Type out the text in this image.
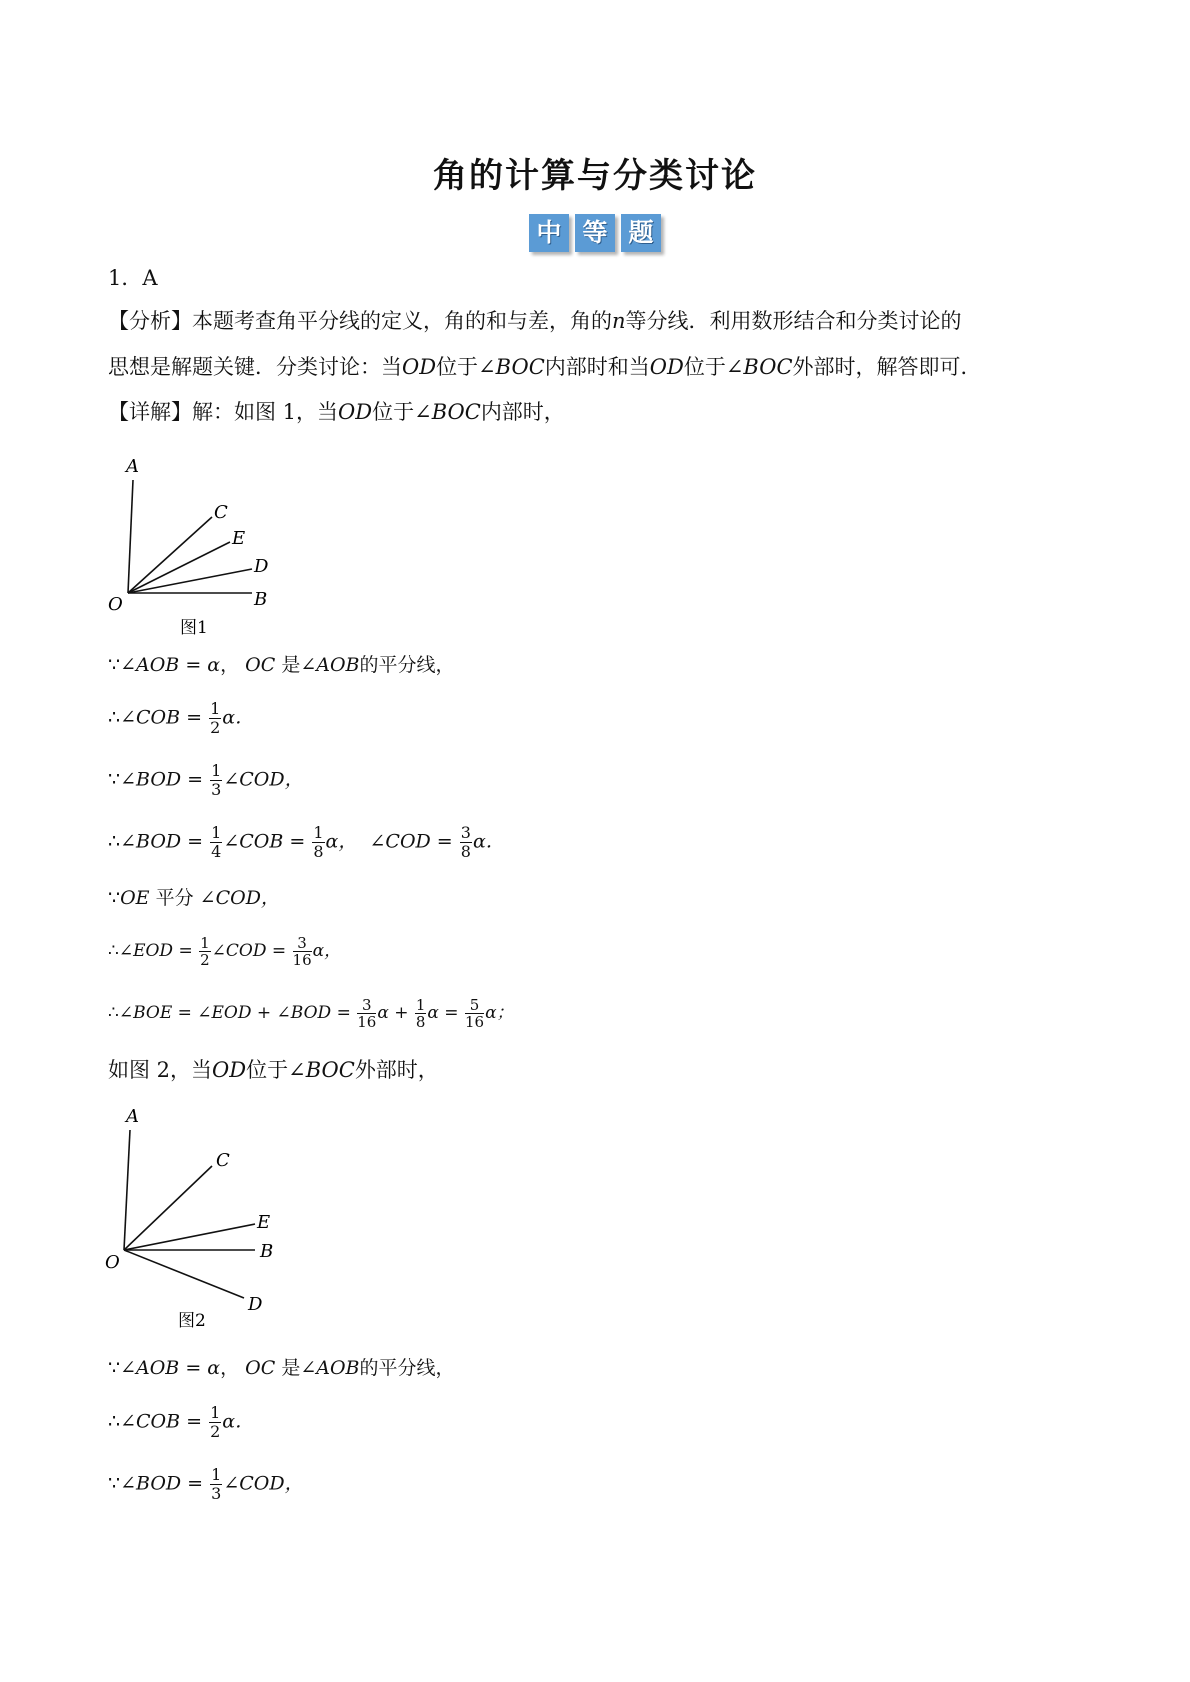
角的计算与分类讨论
中 等 题
1．A
【分析】本题考查角平分线的定义，角的和与差，角的n等分线．利用数形结合和分类讨论的
思想是解题关键．分类讨论：当OD位于∠BOC内部时和当OD位于∠BOC外部时，解答即可．
【详解】解：如图 1，当OD位于∠BOC内部时，
A
C
E
D
B
O
图1
∵∠AOB = α， OC 是∠AOB的平分线，
∴∠COB = $\frac{1}{2}$ α．
∵∠BOD = $\frac{1}{3}$ ∠COD，
∴∠BOD = $\frac{1}{4}$ ∠COB = $\frac{1}{8}$ α， ∠COD = $\frac{3}{8}$ α．
∵OE 平分 ∠COD，
∴∠EOD = $\frac{1}{2}$ ∠COD = $\frac{3}{16}$ α，
∴∠BOE = ∠EOD + ∠BOD = $\frac{3}{16}$ $\alpha + \frac{1}{8}$ $\alpha = \frac{5}{16}$ α；
如图 2，当OD位于∠BOC外部时，
A
C
E
B
D
O
图2
∵∠AOB = α， OC 是∠AOB的平分线，
∴∠COB = $\frac{1}{2}$ α．
∵∠BOD = $\frac{1}{3}$ ∠COD，
